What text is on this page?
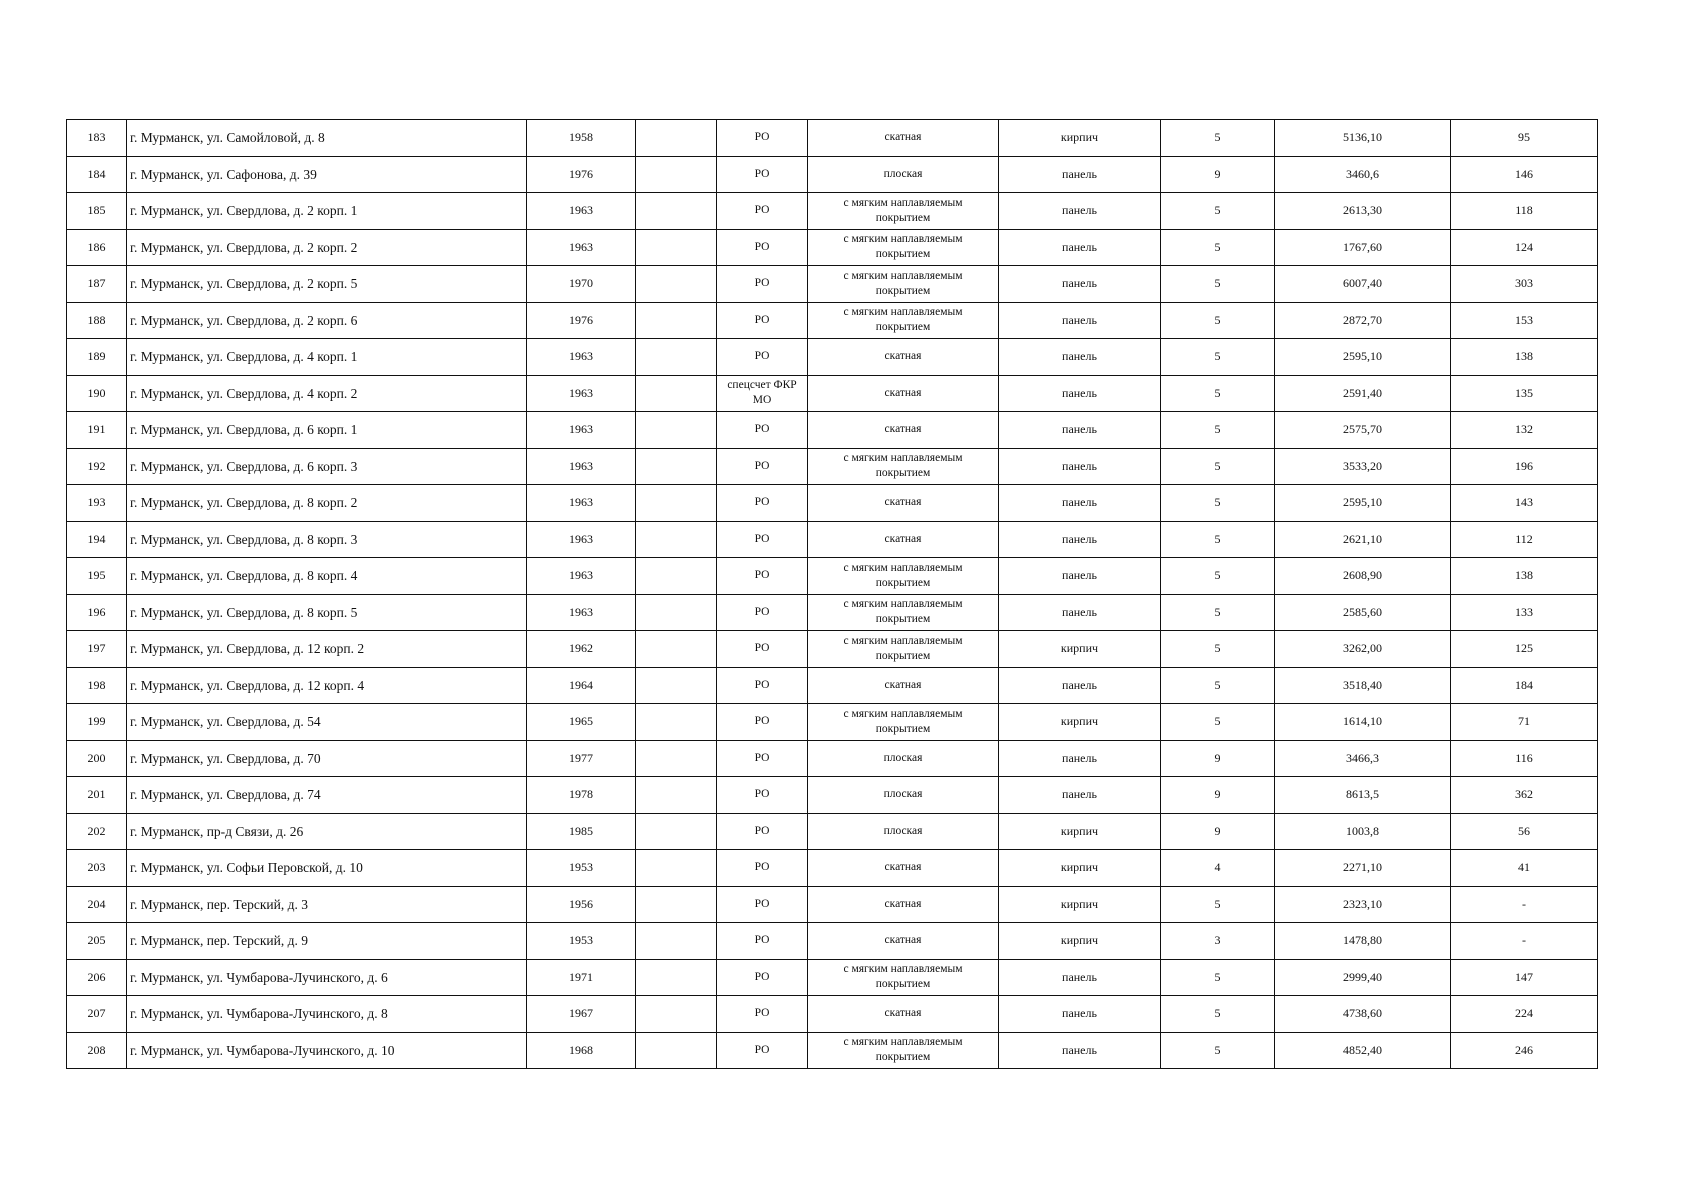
183	г. Мурманск, ул. Самойловой, д. 8	1958		РО	скатная	кирпич	5	5136,10	95
184	г. Мурманск, ул. Сафонова, д. 39	1976		РО	плоская	панель	9	3460,6	146
185	г. Мурманск, ул. Свердлова, д. 2 корп. 1	1963		РО	с мягким наплавляемым покрытием	панель	5	2613,30	118
186	г. Мурманск, ул. Свердлова, д. 2 корп. 2	1963		РО	с мягким наплавляемым покрытием	панель	5	1767,60	124
187	г. Мурманск, ул. Свердлова, д. 2 корп. 5	1970		РО	с мягким наплавляемым покрытием	панель	5	6007,40	303
188	г. Мурманск, ул. Свердлова, д. 2 корп. 6	1976		РО	с мягким наплавляемым покрытием	панель	5	2872,70	153
189	г. Мурманск, ул. Свердлова, д. 4 корп. 1	1963		РО	скатная	панель	5	2595,10	138
190	г. Мурманск, ул. Свердлова, д. 4 корп. 2	1963		спецсчет ФКР МО	скатная	панель	5	2591,40	135
191	г. Мурманск, ул. Свердлова, д. 6 корп. 1	1963		РО	скатная	панель	5	2575,70	132
192	г. Мурманск, ул. Свердлова, д. 6 корп. 3	1963		РО	с мягким наплавляемым покрытием	панель	5	3533,20	196
193	г. Мурманск, ул. Свердлова, д. 8 корп. 2	1963		РО	скатная	панель	5	2595,10	143
194	г. Мурманск, ул. Свердлова, д. 8 корп. 3	1963		РО	скатная	панель	5	2621,10	112
195	г. Мурманск, ул. Свердлова, д. 8 корп. 4	1963		РО	с мягким наплавляемым покрытием	панель	5	2608,90	138
196	г. Мурманск, ул. Свердлова, д. 8 корп. 5	1963		РО	с мягким наплавляемым покрытием	панель	5	2585,60	133
197	г. Мурманск, ул. Свердлова, д. 12 корп. 2	1962		РО	с мягким наплавляемым покрытием	кирпич	5	3262,00	125
198	г. Мурманск, ул. Свердлова, д. 12 корп. 4	1964		РО	скатная	панель	5	3518,40	184
199	г. Мурманск, ул. Свердлова, д. 54	1965		РО	с мягким наплавляемым покрытием	кирпич	5	1614,10	71
200	г. Мурманск, ул. Свердлова, д. 70	1977		РО	плоская	панель	9	3466,3	116
201	г. Мурманск, ул. Свердлова, д. 74	1978		РО	плоская	панель	9	8613,5	362
202	г. Мурманск, пр-д Связи, д. 26	1985		РО	плоская	кирпич	9	1003,8	56
203	г. Мурманск, ул. Софьи Перовской, д. 10	1953		РО	скатная	кирпич	4	2271,10	41
204	г. Мурманск, пер. Терский, д. 3	1956		РО	скатная	кирпич	5	2323,10	-
205	г. Мурманск, пер. Терский, д. 9	1953		РО	скатная	кирпич	3	1478,80	-
206	г. Мурманск, ул. Чумбарова-Лучинского, д. 6	1971		РО	с мягким наплавляемым покрытием	панель	5	2999,40	147
207	г. Мурманск, ул. Чумбарова-Лучинского, д. 8	1967		РО	скатная	панель	5	4738,60	224
208	г. Мурманск, ул. Чумбарова-Лучинского, д. 10	1968		РО	с мягким наплавляемым покрытием	панель	5	4852,40	246
